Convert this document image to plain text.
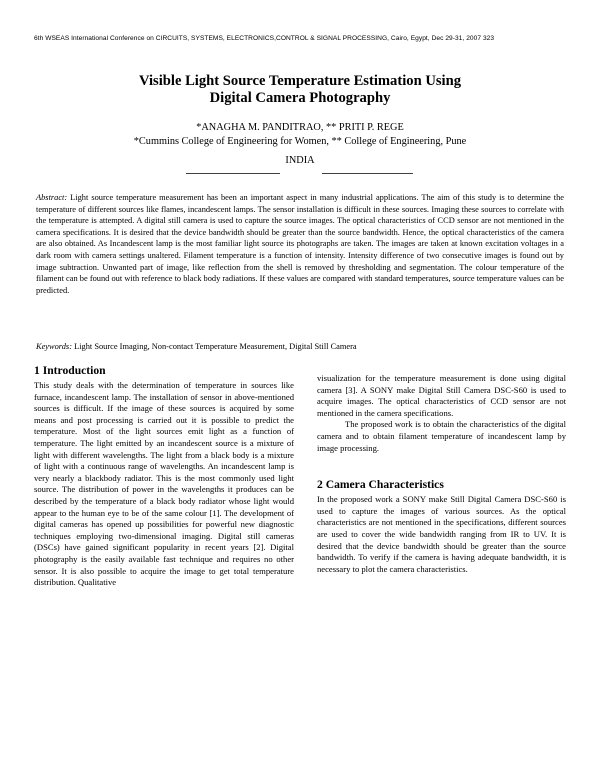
6th WSEAS International Conference on CIRCUITS, SYSTEMS, ELECTRONICS,CONTROL & SIGNAL PROCESSING, Cairo, Egypt, Dec 29-31, 2007 323
Visible Light Source Temperature Estimation Using
Digital Camera Photography
*ANAGHA M. PANDITRAO, ** PRITI P. REGE
*Cummins College of Engineering for Women, ** College of Engineering, Pune
INDIA
Abstract: Light source temperature measurement has been an important aspect in many industrial applications. The aim of this study is to determine the temperature of different sources like flames, incandescent lamps. The sensor installation is difficult in these sources. Imaging these sources to correlate with the temperature is attempted. A digital still camera is used to capture the source images. The optical characteristics of CCD sensor are not mentioned in the camera specifications. It is desired that the device bandwidth should be greater than the source bandwidth. Hence, the optical characteristics of the camera are also obtained. As Incandescent lamp is the most familiar light source its photographs are taken. The images are taken at known excitation voltages in a dark room with camera settings unaltered. Filament temperature is a function of intensity. Intensity difference of two consecutive images is found out by image subtraction. Unwanted part of image, like reflection from the shell is removed by thresholding and segmentation. The colour temperature of the filament can be found out with reference to black body radiations. If these values are compared with standard temperatures, source temperature values can be predicted.
Keywords: Light Source Imaging, Non-contact Temperature Measurement, Digital Still Camera
1 Introduction

This study deals with the determination of temperature in sources like furnace, incandescent lamp. The installation of sensor in above-mentioned sources is difficult. If the image of these sources is acquired by some means and post processing is carried out it is possible to predict the temperature. Most of the light sources emit light as a function of temperature. The light emitted by an incandescent source is a mixture of light with different wavelengths. The light from a black body is a mixture of light with a continuous range of wavelengths. An incandescent lamp is very nearly a blackbody radiator. This is the most commonly used light source. The distribution of power in the wavelengths it produces can be described by the temperature of a black body radiator whose light would appear to the human eye to be of the same colour [1]. The development of digital cameras has opened up possibilities for powerful new diagnostic techniques employing two-dimensional imaging. Digital still cameras (DSCs) have gained significant popularity in recent years [2]. Digital photography is the easily available fast technique and requires no other sensor. It is also possible to acquire the image to get total temperature distribution. Qualitative

visualization for the temperature measurement is done using digital camera [3]. A SONY make Digital Still Camera DSC-S60 is used to acquire images. The optical characteristics of CCD sensor are not mentioned in the camera specifications.

The proposed work is to obtain the characteristics of the digital camera and to obtain filament temperature of incandescent lamp by image processing.

2 Camera Characteristics

In the proposed work a SONY make Still Digital Camera DSC-S60 is used to capture the images of various sources. As the optical characteristics are not mentioned in the specifications, different sources are used to cover the wide bandwidth ranging from IR to UV. It is desired that the device bandwidth should be greater than the source bandwidth. To verify if the camera is having adequate bandwidth, it is necessary to plot the camera characteristics.
